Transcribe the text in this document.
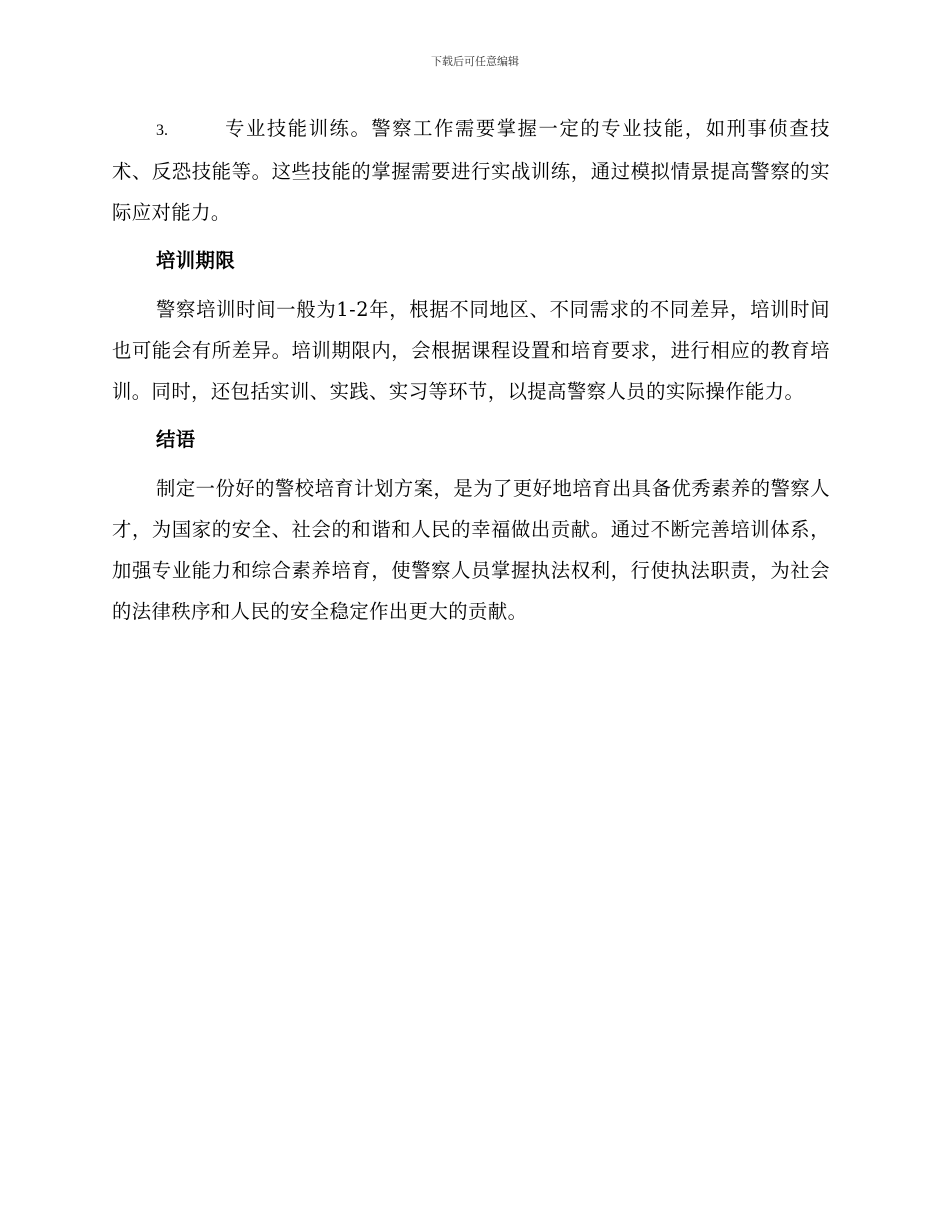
下载后可任意编辑

3.	专业技能训练。警察工作需要掌握一定的专业技能，如刑事侦查技术、反恐技能等。这些技能的掌握需要进行实战训练，通过模拟情景提高警察的实际应对能力。

培训期限

警察培训时间一般为1-2年，根据不同地区、不同需求的不同差异，培训时间也可能会有所差异。培训期限内，会根据课程设置和培育要求，进行相应的教育培训。同时，还包括实训、实践、实习等环节，以提高警察人员的实际操作能力。

结语

制定一份好的警校培育计划方案，是为了更好地培育出具备优秀素养的警察人才，为国家的安全、社会的和谐和人民的幸福做出贡献。通过不断完善培训体系，加强专业能力和综合素养培育，使警察人员掌握执法权利，行使执法职责，为社会的法律秩序和人民的安全稳定作出更大的贡献。
